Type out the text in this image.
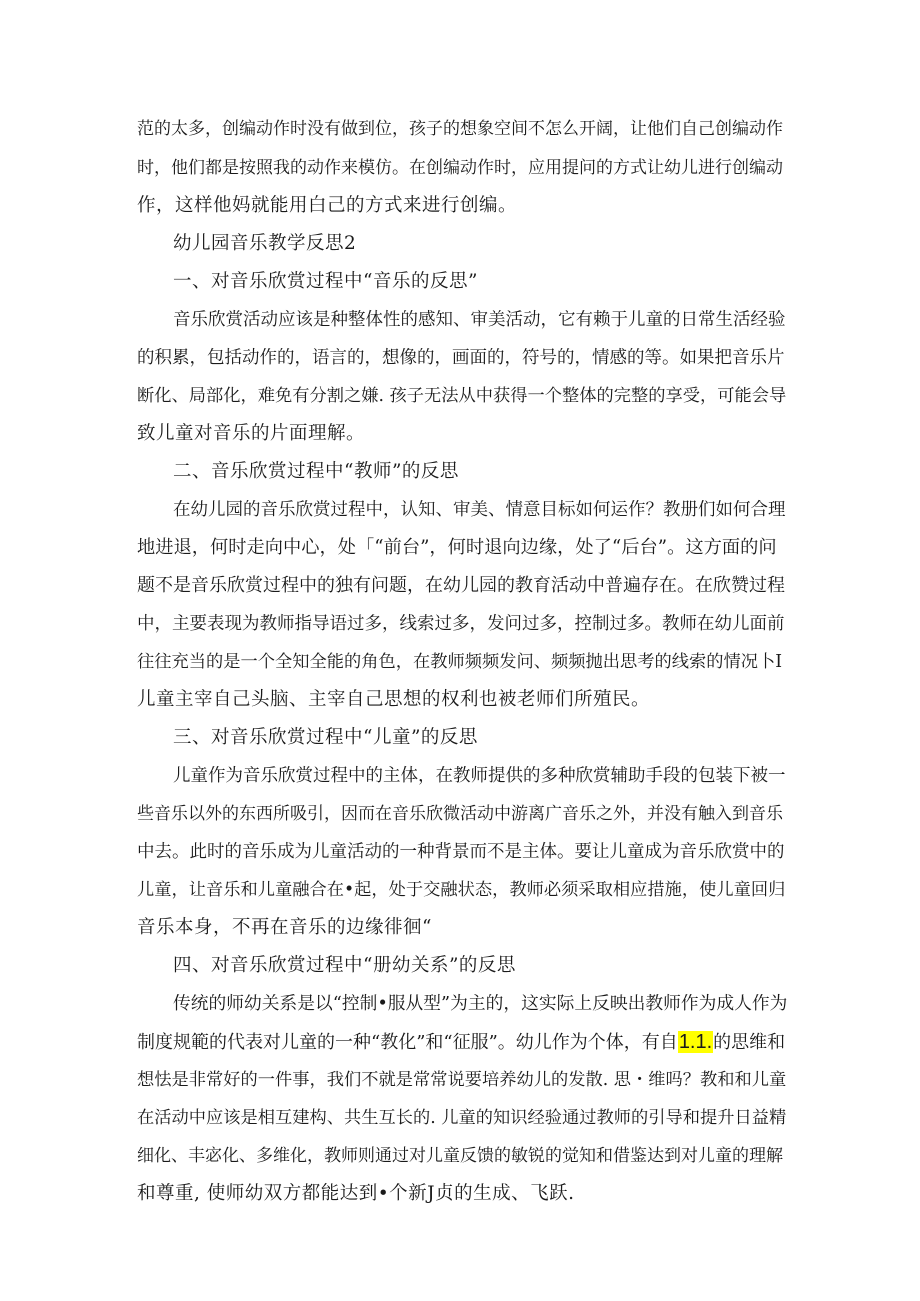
范的太多，创编动作时没有做到位，孩子的想象空间不怎么开阔，让他们自己创编动作
时，他们都是按照我的动作来模仿。在创编动作时，应用提问的方式让幼儿进行创编动
作，这样他妈就能用白己的方式来进行创编。
幼儿园音乐教学反思2
一、对音乐欣赏过程中“音乐的反思”
音乐欣赏活动应该是种整体性的感知、审美活动，它有赖于儿童的日常生活经验
的积累，包括动作的，语言的，想像的，画面的，符号的，情感的等。如果把音乐片
断化、局部化，难免有分割之嫌. 孩子无法从中获得一个整体的完整的享受，可能会导
致儿童对音乐的片面理解。
二、音乐欣赏过程中“教师”的反思
在幼儿园的音乐欣赏过程中，认知、审美、情意目标如何运作？教册们如何合理
地进退，何时走向中心，处「“前台”，何时退向边缘，处了“后台”。这方面的问
题不是音乐欣赏过程中的独有问题，在幼儿园的教育活动中普遍存在。在欣赞过程
中，主要表现为教师指导语过多，线索过多，发问过多，控制过多。教师在幼儿面前
往往充当的是一个全知全能的角色，在教师频频发问、频频抛出思考的线索的情况卜I
儿童主宰自己头脑、主宰自己思想的权利也被老师们所殖民。
三、对音乐欣赏过程中“儿童”的反思
儿童作为音乐欣赏过程中的主体，在教师提供的多种欣赏辅助手段的包装下被一
些音乐以外的东西所吸引，因而在音乐欣微活动中游离广音乐之外，并没有触入到音乐
中去。此时的音乐成为儿童活动的一种背景而不是主体。要让儿童成为音乐欣赏中的
儿童，让音乐和儿童融合在•起，处于交融状态，教师必须采取相应措施，使儿童回归
音乐本身，不再在音乐的边缘徘徊“
四、对音乐欣赏过程中“册幼关系”的反思
传统的师幼关系是以“控制•服从型”为主的，这实际上反映出教师作为成人作为
制度规範的代表对儿童的一种“教化”和“征服”。幼儿作为个体，有自1.1.的思维和
想怯是非常好的一件事，我们不就是常常说要培养幼儿的发散. 思・维吗？教和和儿童
在活动中应该是相互建构、共生互长的. 儿童的知识经验通过教师的引导和提升日益精
细化、丰宓化、多维化，教师则通过对儿童反馈的敏锐的觉知和借鉴达到对儿童的理解
和尊重, 使师幼双方都能达到•个新J贞的生成、飞跃.
